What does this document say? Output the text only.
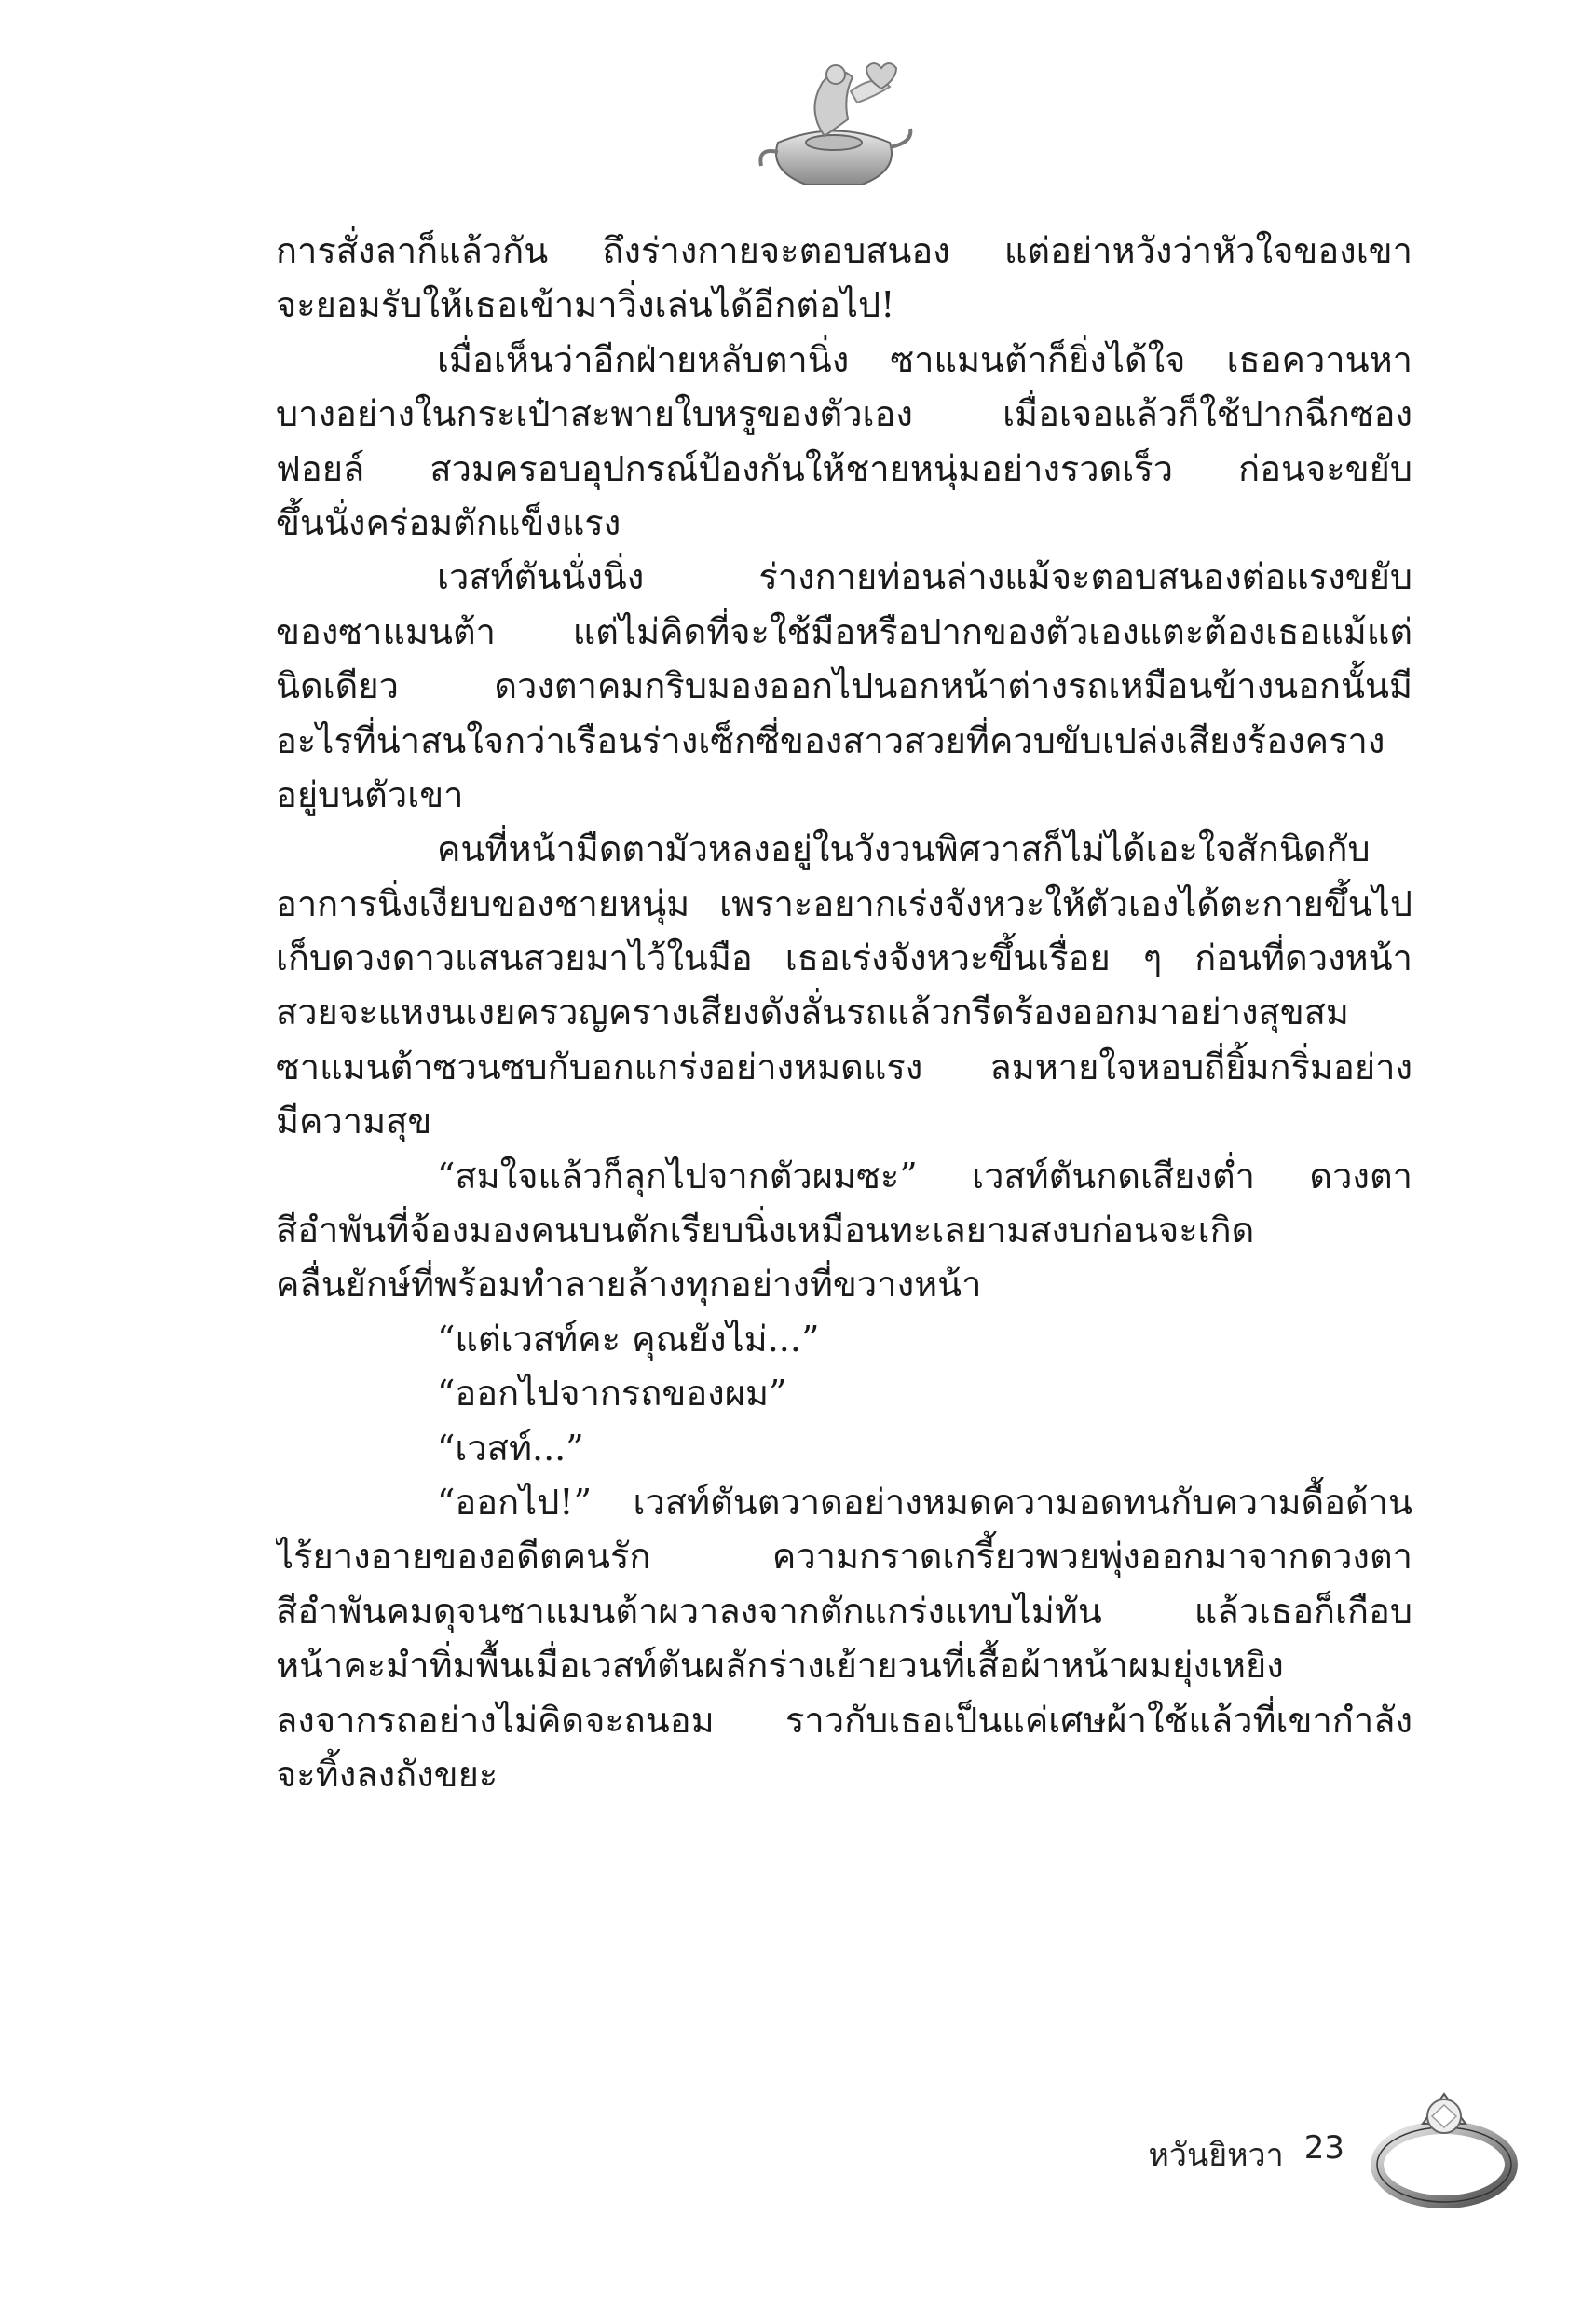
การสั่งลาก็แล้วกัน ถึงร่างกายจะตอบสนอง แต่อย่าหวังว่าหัวใจของเขา
จะยอมรับให้เธอเข้ามาวิ่งเล่นได้อีกต่อไป!
เมื่อเห็นว่าอีกฝ่ายหลับตานิ่ง ซาแมนต้าก็ยิ่งได้ใจ เธอควานหา
บางอย่างในกระเป๋าสะพายใบหรูของตัวเอง เมื่อเจอแล้วก็ใช้ปากฉีกซอง
ฟอยล์ สวมครอบอุปกรณ์ป้องกันให้ชายหนุ่มอย่างรวดเร็ว ก่อนจะขยับ
ขึ้นนั่งคร่อมตักแข็งแรง
เวสท์ตันนั่งนิ่ง ร่างกายท่อนล่างแม้จะตอบสนองต่อแรงขยับ
ของซาแมนต้า แต่ไม่คิดที่จะใช้มือหรือปากของตัวเองแตะต้องเธอแม้แต่
นิดเดียว ดวงตาคมกริบมองออกไปนอกหน้าต่างรถเหมือนข้างนอกนั้นมี
อะไรที่น่าสนใจกว่าเรือนร่างเซ็กซี่ของสาวสวยที่ควบขับเปล่งเสียงร้องคราง
อยู่บนตัวเขา
คนที่หน้ามืดตามัวหลงอยู่ในวังวนพิศวาสก็ไม่ได้เอะใจสักนิดกับ
อาการนิ่งเงียบของชายหนุ่ม เพราะอยากเร่งจังหวะให้ตัวเองได้ตะกายขึ้นไป
เก็บดวงดาวแสนสวยมาไว้ในมือ เธอเร่งจังหวะขึ้นเรื่อย ๆ ก่อนที่ดวงหน้า
สวยจะแหงนเงยครวญครางเสียงดังลั่นรถแล้วกรีดร้องออกมาอย่างสุขสม
ซาแมนต้าซวนซบกับอกแกร่งอย่างหมดแรง ลมหายใจหอบถี่ยิ้มกริ่มอย่าง
มีความสุข
“สมใจแล้วก็ลุกไปจากตัวผมซะ” เวสท์ตันกดเสียงต่ำ ดวงตา
สีอำพันที่จ้องมองคนบนตักเรียบนิ่งเหมือนทะเลยามสงบก่อนจะเกิด
คลื่นยักษ์ที่พร้อมทำลายล้างทุกอย่างที่ขวางหน้า
“แต่เวสท์คะ คุณยังไม่...”
“ออกไปจากรถของผม”
“เวสท์...”
“ออกไป!” เวสท์ตันตวาดอย่างหมดความอดทนกับความดื้อด้าน
ไร้ยางอายของอดีตคนรัก ความกราดเกรี้ยวพวยพุ่งออกมาจากดวงตา
สีอำพันคมดุจนซาแมนต้าผวาลงจากตักแกร่งแทบไม่ทัน แล้วเธอก็เกือบ
หน้าคะมำทิ่มพื้นเมื่อเวสท์ตันผลักร่างเย้ายวนที่เสื้อผ้าหน้าผมยุ่งเหยิง
ลงจากรถอย่างไม่คิดจะถนอม ราวกับเธอเป็นแค่เศษผ้าใช้แล้วที่เขากำลัง
จะทิ้งลงถังขยะ
หวันยิหวา 23
